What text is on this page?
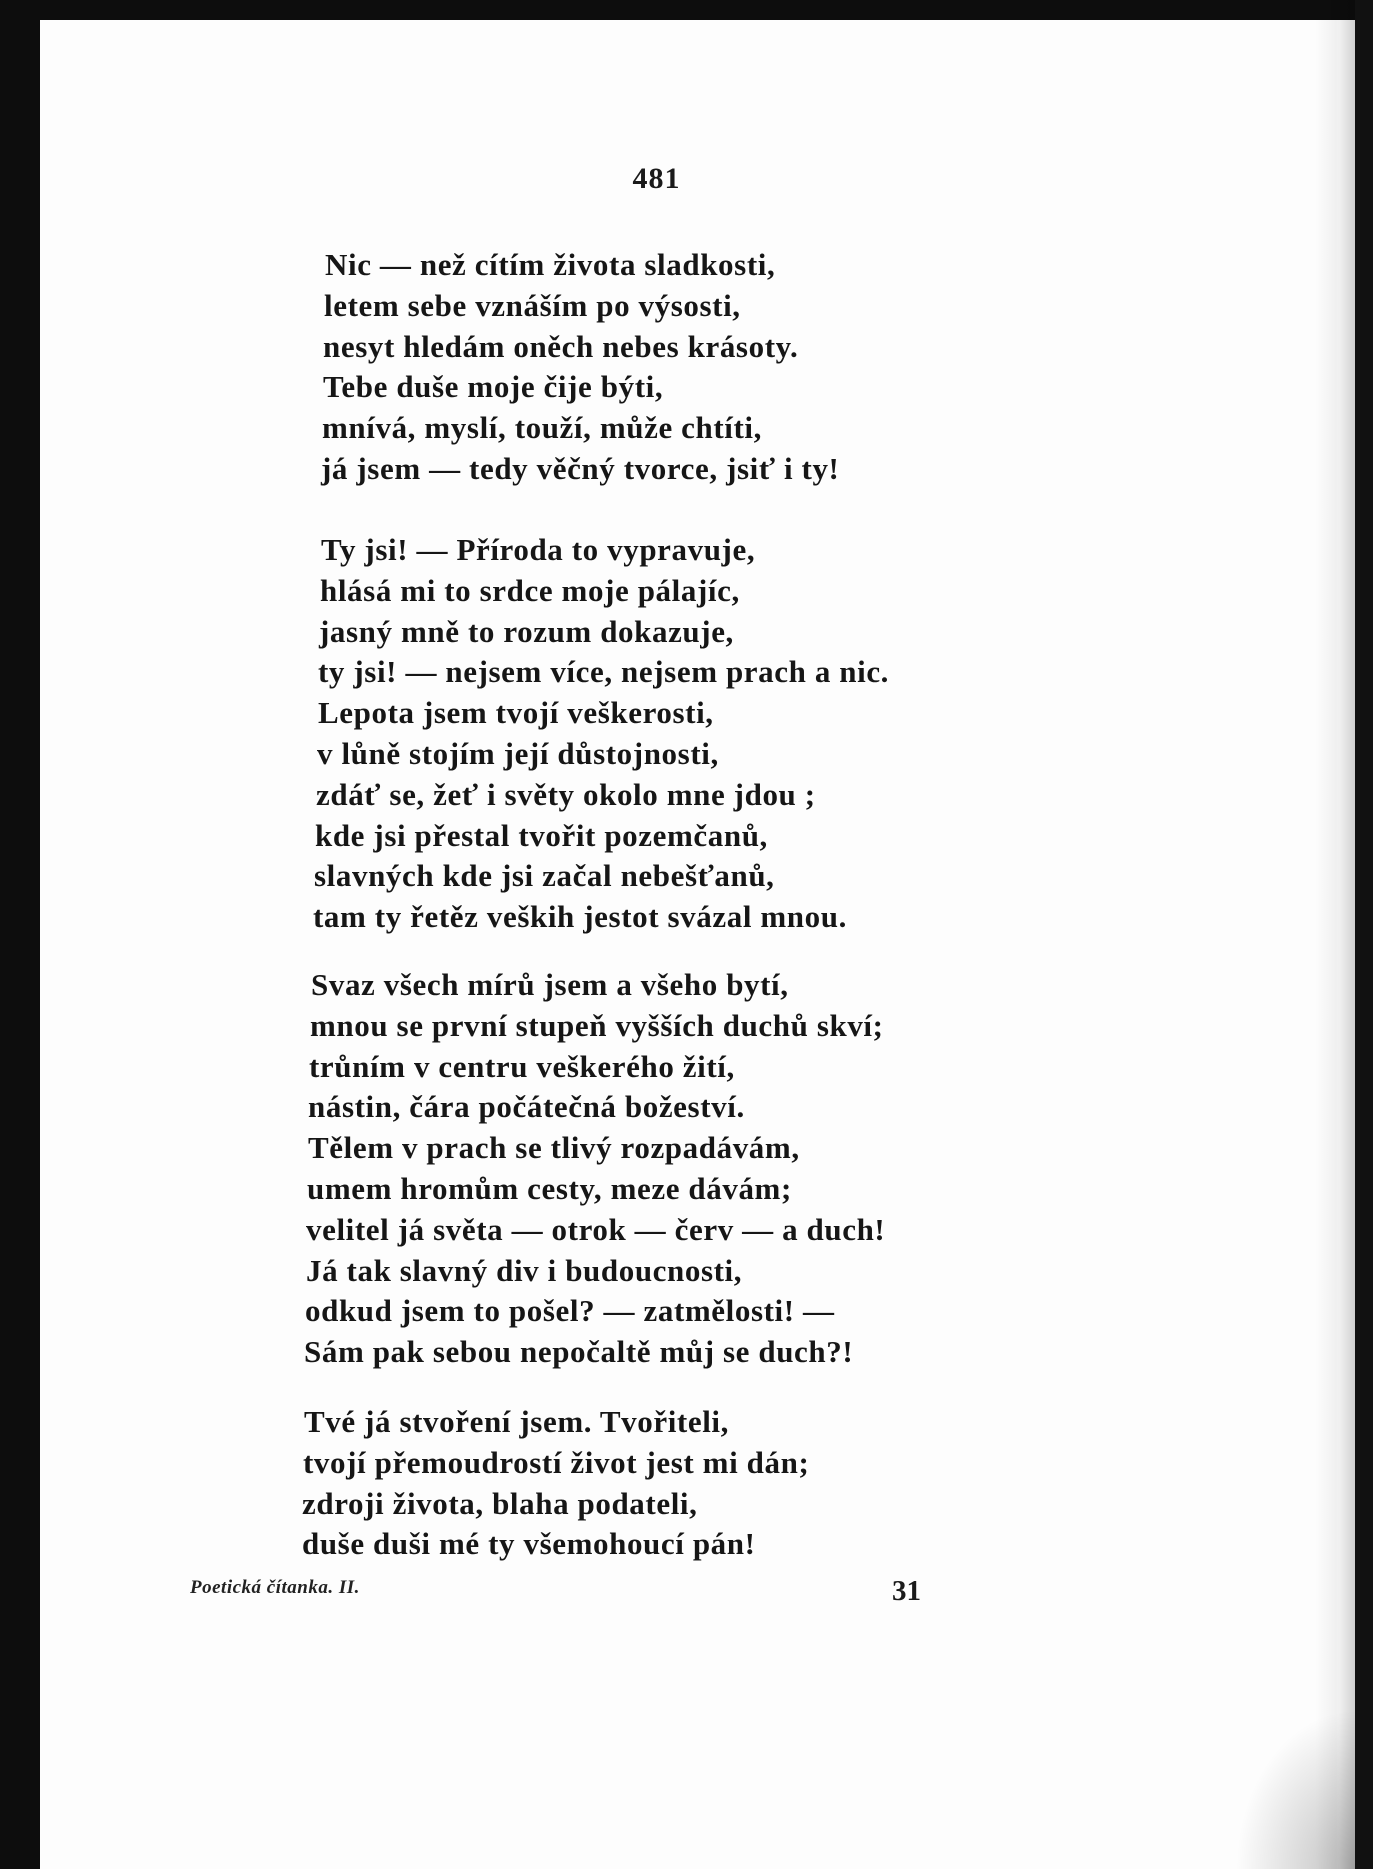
481
Nic — než cítím života sladkosti,
letem sebe vznáším po výsosti,
nesyt hledám oněch nebes krásoty.
Tebe duše moje čije býti,
mnívá, myslí, touží, může chtíti,
já jsem — tedy věčný tvorce, jsiť i ty!
Ty jsi! — Příroda to vypravuje,
hlásá mi to srdce moje pálajíc,
jasný mně to rozum dokazuje,
ty jsi! — nejsem více, nejsem prach a nic.
Lepota jsem tvojí veškerosti,
v lůně stojím její důstojnosti,
zdáť se, žeť i světy okolo mne jdou ;
kde jsi přestal tvořit pozemčanů,
slavných kde jsi začal nebešťanů,
tam ty řetěz veških jestot svázal mnou.
Svaz všech mírů jsem a všeho bytí,
mnou se první stupeň vyšších duchů skví;
trůním v centru veškerého žití,
nástin, čára počátečná božeství.
Tělem v prach se tlivý rozpadávám,
umem hromům cesty, meze dávám;
velitel já světa — otrok — červ — a duch!
Já tak slavný div i budoucnosti,
odkud jsem to pošel? — zatmělosti! —
Sám pak sebou nepočaltě můj se duch?!
Tvé já stvoření jsem. Tvořiteli,
tvojí přemoudrostí život jest mi dán;
zdroji života, blaha podateli,
duše duši mé ty všemohoucí pán!
Poetická čítanka. II.	31
